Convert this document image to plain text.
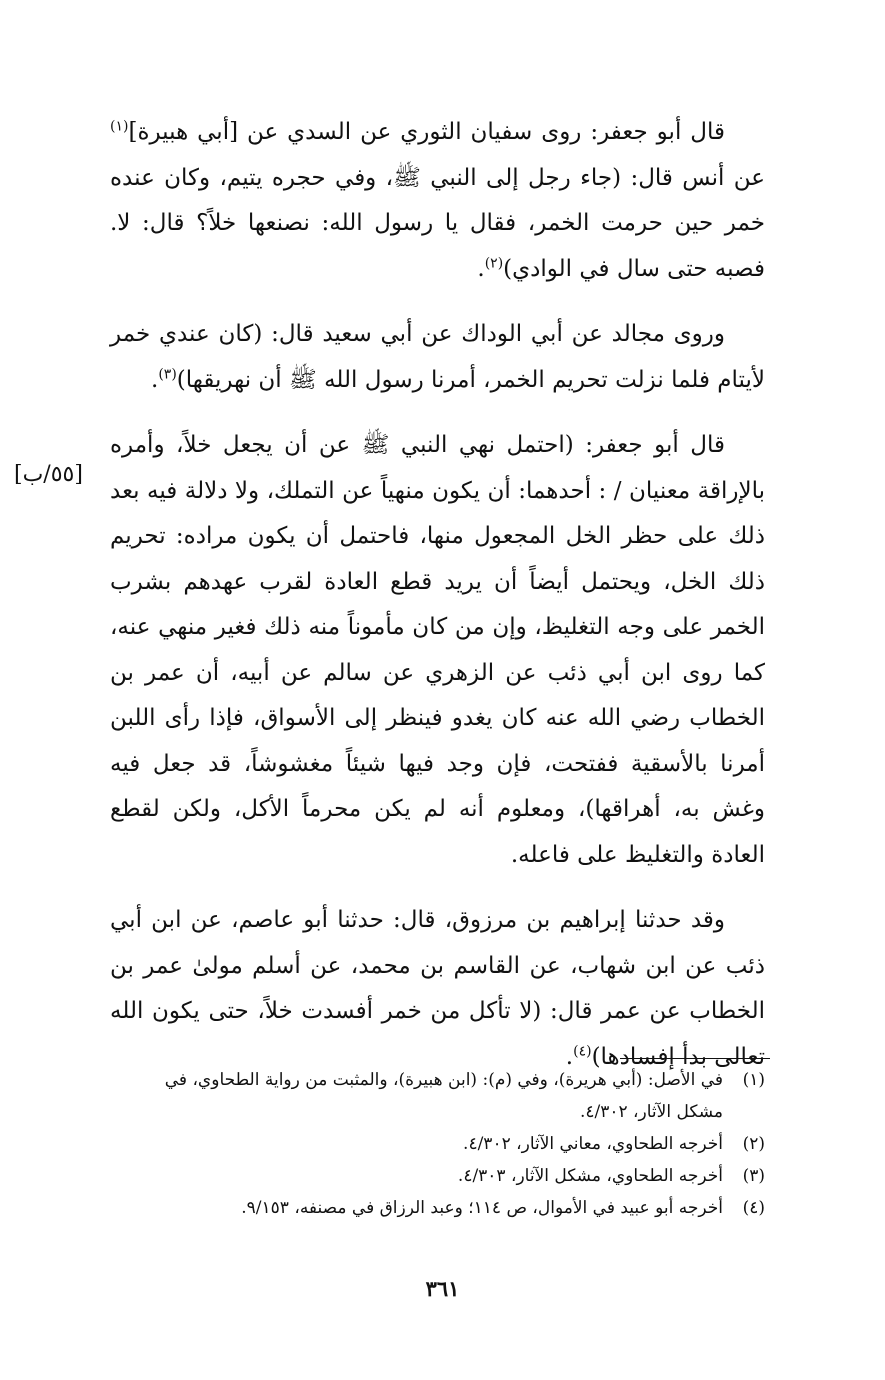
قال أبو جعفر: روى سفيان الثوري عن السدي عن [أبي هبيرة]$^{(١)}$ عن أنس قال: (جاء رجل إلى النبي ﷺ، وفي حجره يتيم، وكان عنده خمر حين حرمت الخمر، فقال يا رسول الله: نصنعها خلاً؟ قال: لا. فصبه حتى سال في الوادي)$^{(٢)}$.

وروى مجالد عن أبي الوداك عن أبي سعيد قال: (كان عندي خمر لأيتام فلما نزلت تحريم الخمر، أمرنا رسول الله ﷺ أن نهريقها)$^{(٣)}$.

قال أبو جعفر: (احتمل نهي النبي ﷺ عن أن يجعل خلاً، وأمره بالإراقة معنيان / : أحدهما: أن يكون منهياً عن التملك، ولا دلالة فيه بعد ذلك على حظر الخل المجعول منها، فاحتمل أن يكون مراده: تحريم ذلك الخل، ويحتمل أيضاً أن يريد قطع العادة لقرب عهدهم بشرب الخمر على وجه التغليظ، وإن من كان مأموناً منه ذلك فغير منهي عنه، كما روى ابن أبي ذئب عن الزهري عن سالم عن أبيه، أن عمر بن الخطاب رضي الله عنه كان يغدو فينظر إلى الأسواق، فإذا رأى اللبن أمرنا بالأسقية ففتحت، فإن وجد فيها شيئاً مغشوشاً، قد جعل فيه وغش به، أهراقها)، ومعلوم أنه لم يكن محرماً الأكل، ولكن لقطع العادة والتغليظ على فاعله.

وقد حدثنا إبراهيم بن مرزوق، قال: حدثنا أبو عاصم، عن ابن أبي ذئب عن ابن شهاب، عن القاسم بن محمد، عن أسلم مولىٰ عمر بن الخطاب عن عمر قال: (لا تأكل من خمر أفسدت خلاً، حتى يكون الله تعالى بدأ إفسادها)$^{(٤)}$.

[٥٥/ب]
(١)
في الأصل: (أبي هريرة)، وفي (م): (ابن هبيرة)، والمثبت من رواية الطحاوي، في مشكل الآثار، ٤/٣٠٢.
(٢)
أخرجه الطحاوي، معاني الآثار، ٤/٣٠٢.
(٣)
أخرجه الطحاوي، مشكل الآثار، ٤/٣٠٣.
(٤)
أخرجه أبو عبيد في الأموال، ص ١١٤؛ وعبد الرزاق في مصنفه، ٩/١٥٣.
٣٦١
